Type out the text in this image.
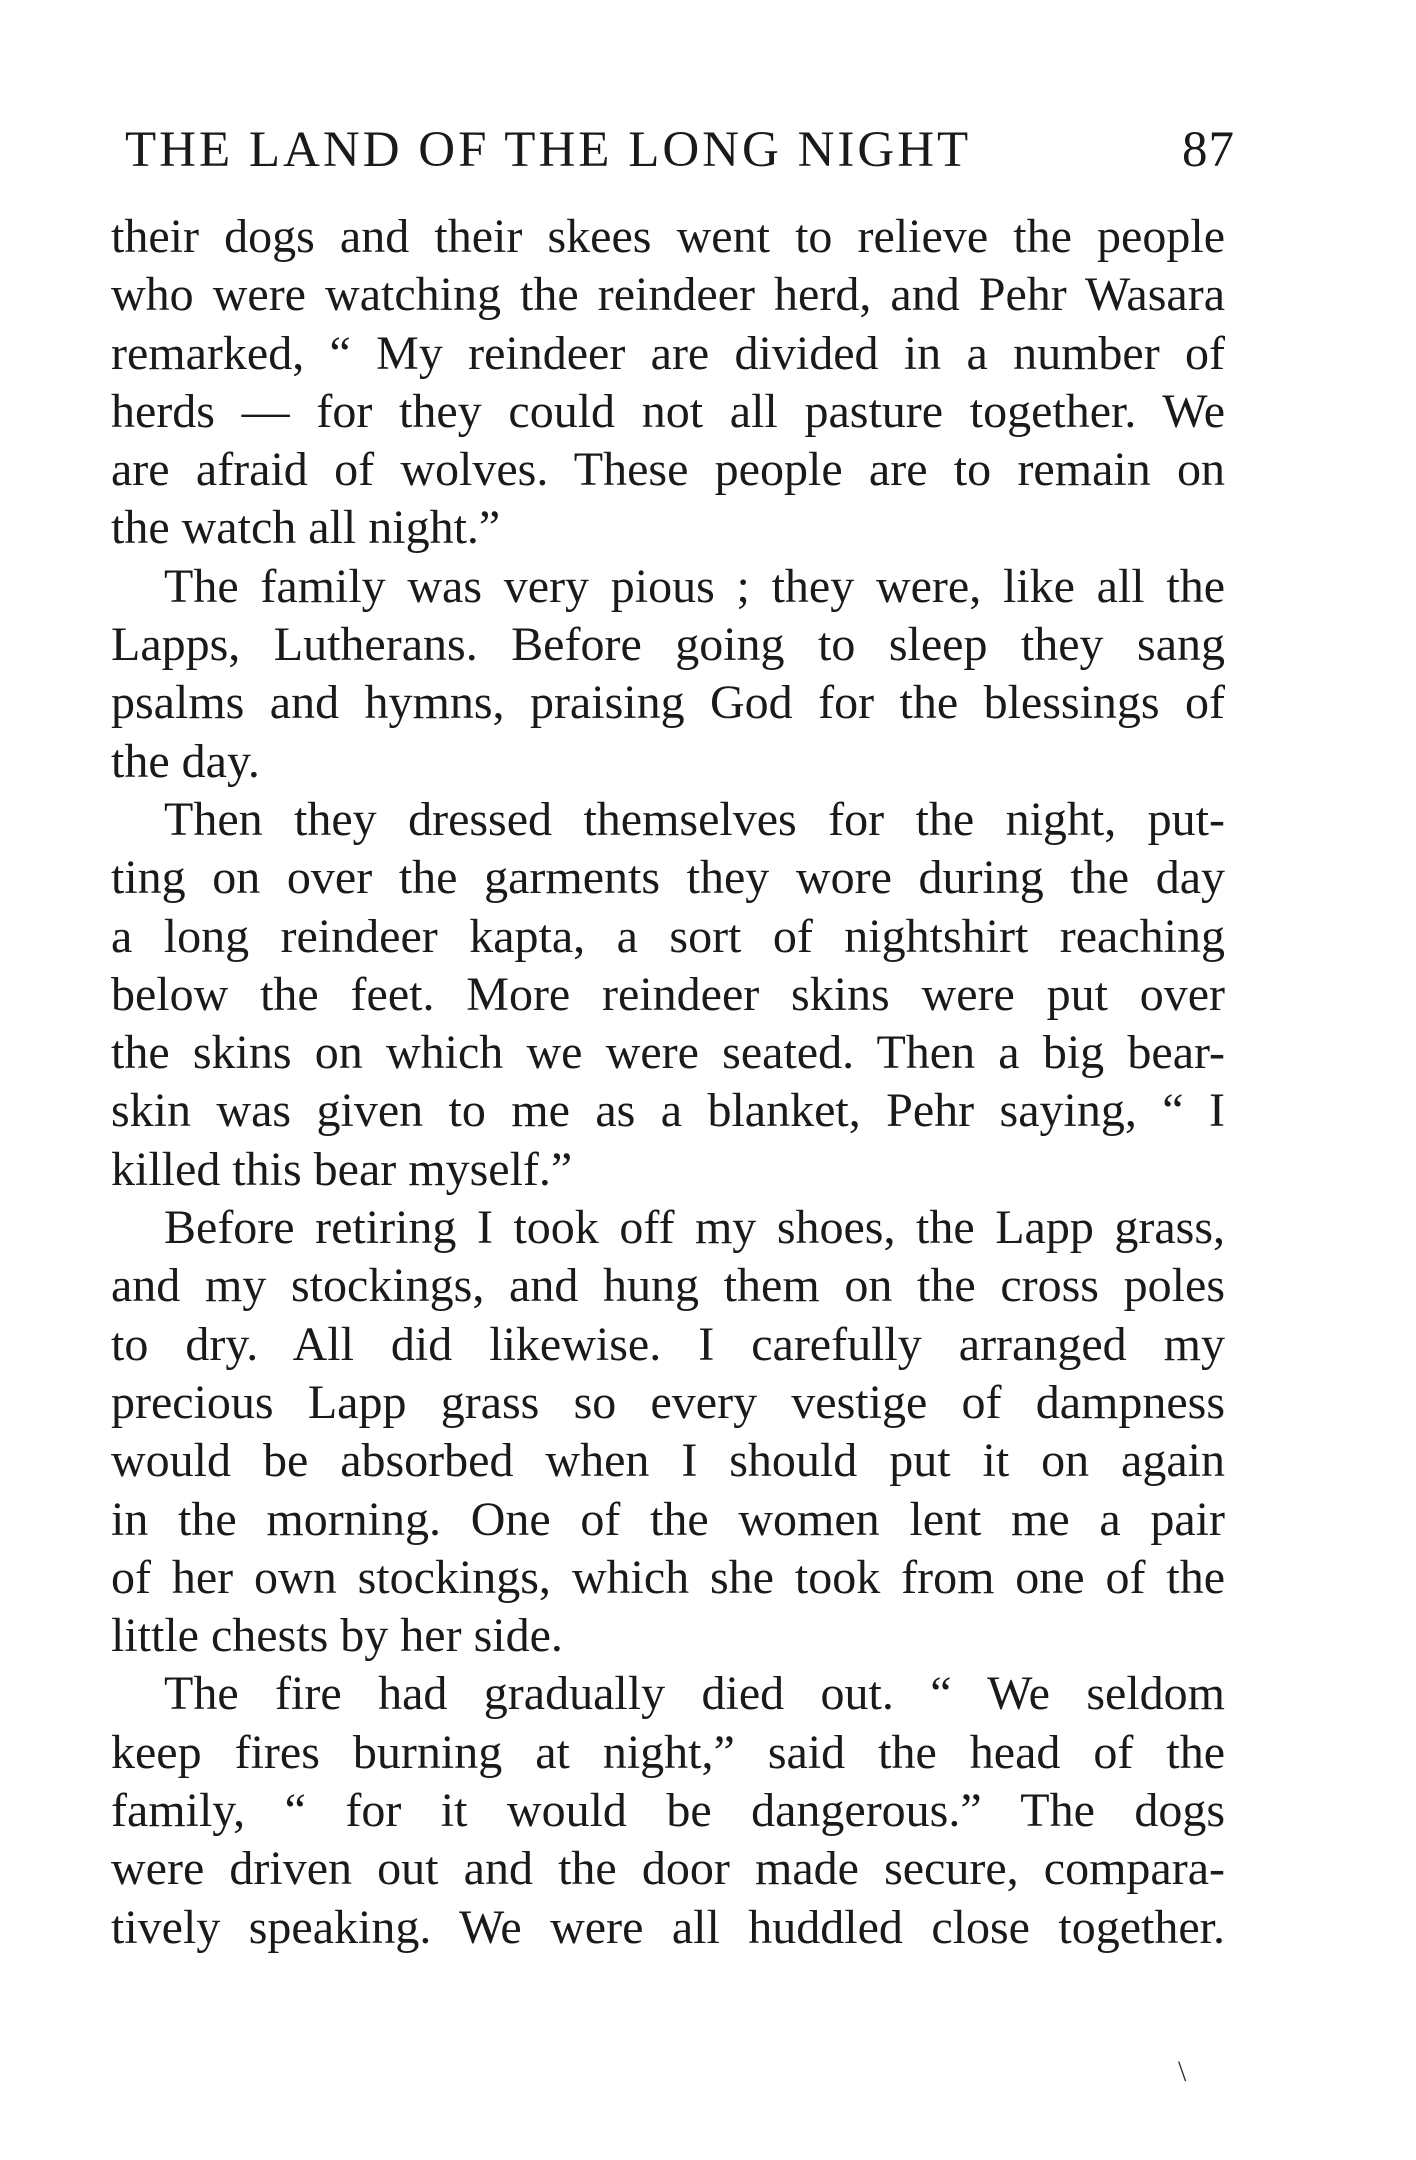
THE LAND OF THE LONG NIGHT	87
their dogs and their skees went to relieve the people
who were watching the reindeer herd, and Pehr Wasara
remarked, “ My reindeer are divided in a number of
herds — for they could not all pasture together. We
are afraid of wolves. These people are to remain on
the watch all night.”
The family was very pious ; they were, like all the
Lapps, Lutherans. Before going to sleep they sang
psalms and hymns, praising God for the blessings of
the day.
Then they dressed themselves for the night, put-
ting on over the garments they wore during the day
a long reindeer kapta, a sort of nightshirt reaching
below the feet. More reindeer skins were put over
the skins on which we were seated. Then a big bear-
skin was given to me as a blanket, Pehr saying, “ I
killed this bear myself.”
Before retiring I took off my shoes, the Lapp grass,
and my stockings, and hung them on the cross poles
to dry. All did likewise. I carefully arranged my
precious Lapp grass so every vestige of dampness
would be absorbed when I should put it on again
in the morning. One of the women lent me a pair
of her own stockings, which she took from one of the
little chests by her side.
The fire had gradually died out. “ We seldom
keep fires burning at night,” said the head of the
family, “ for it would be dangerous.” The dogs
were driven out and the door made secure, compara-
tively speaking. We were all huddled close together.
\
